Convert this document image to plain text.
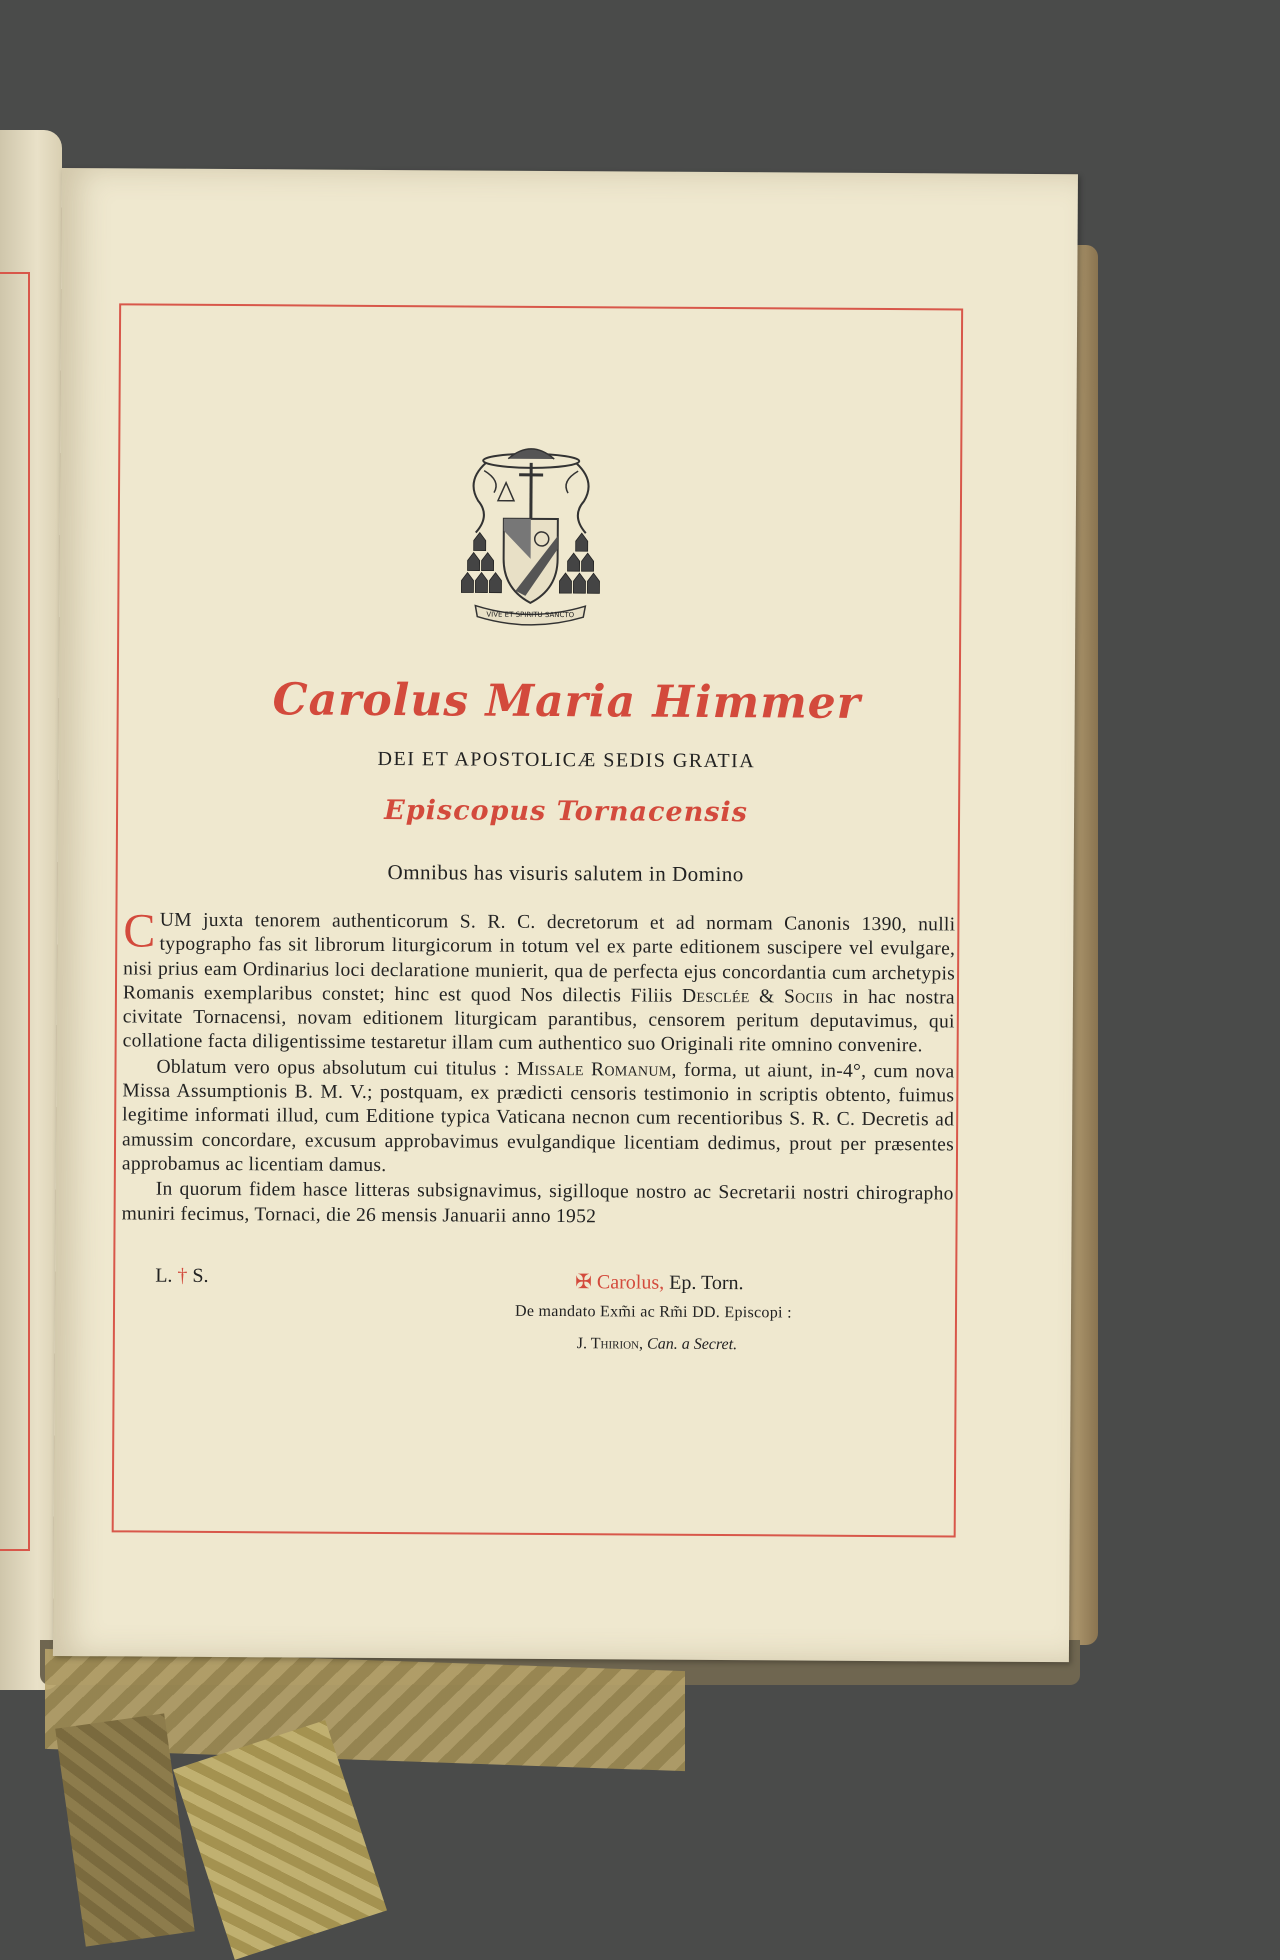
VIVE ET SPIRITU SANCTO
Carolus Maria Himmer
DEI ET APOSTOLICÆ SEDIS GRATIA
Episcopus Tornacensis
Omnibus has visuris salutem in Domino

CUM juxta tenorem authenticorum S. R. C. decretorum et ad normam Canonis 1390, nulli typographo fas sit librorum liturgicorum in totum vel ex parte editionem suscipere vel evulgare, nisi prius eam Ordinarius loci declaratione munierit, qua de perfecta ejus concordantia cum archetypis Romanis exemplaribus constet; hinc est quod Nos dilectis Filiis Desclée & Sociis in hac nostra civitate Tornacensi, novam editionem liturgicam parantibus, censorem peritum deputavimus, qui collatione facta diligentissime testaretur illam cum authentico suo Originali rite omnino convenire.

Oblatum vero opus absolutum cui titulus : Missale Romanum, forma, ut aiunt, in-4°, cum nova Missa Assumptionis B. M. V.; postquam, ex prædicti censoris testimonio in scriptis obtento, fuimus legitime informati illud, cum Editione typica Vaticana necnon cum recentioribus S. R. C. Decretis ad amussim concordare, excusum approbavimus evulgandique licentiam dedimus, prout per præsentes approbamus ac licentiam damus.

In quorum fidem hasce litteras subsignavimus, sigilloque nostro ac Secretarii nostri chirographo muniri fecimus, Tornaci, die 26 mensis Januarii anno 1952

L. † S.	✠ Carolus, Ep. Torn.
De mandato Exm̃i ac Rm̃i DD. Episcopi :
J. Thirion, Can. a Secret.
